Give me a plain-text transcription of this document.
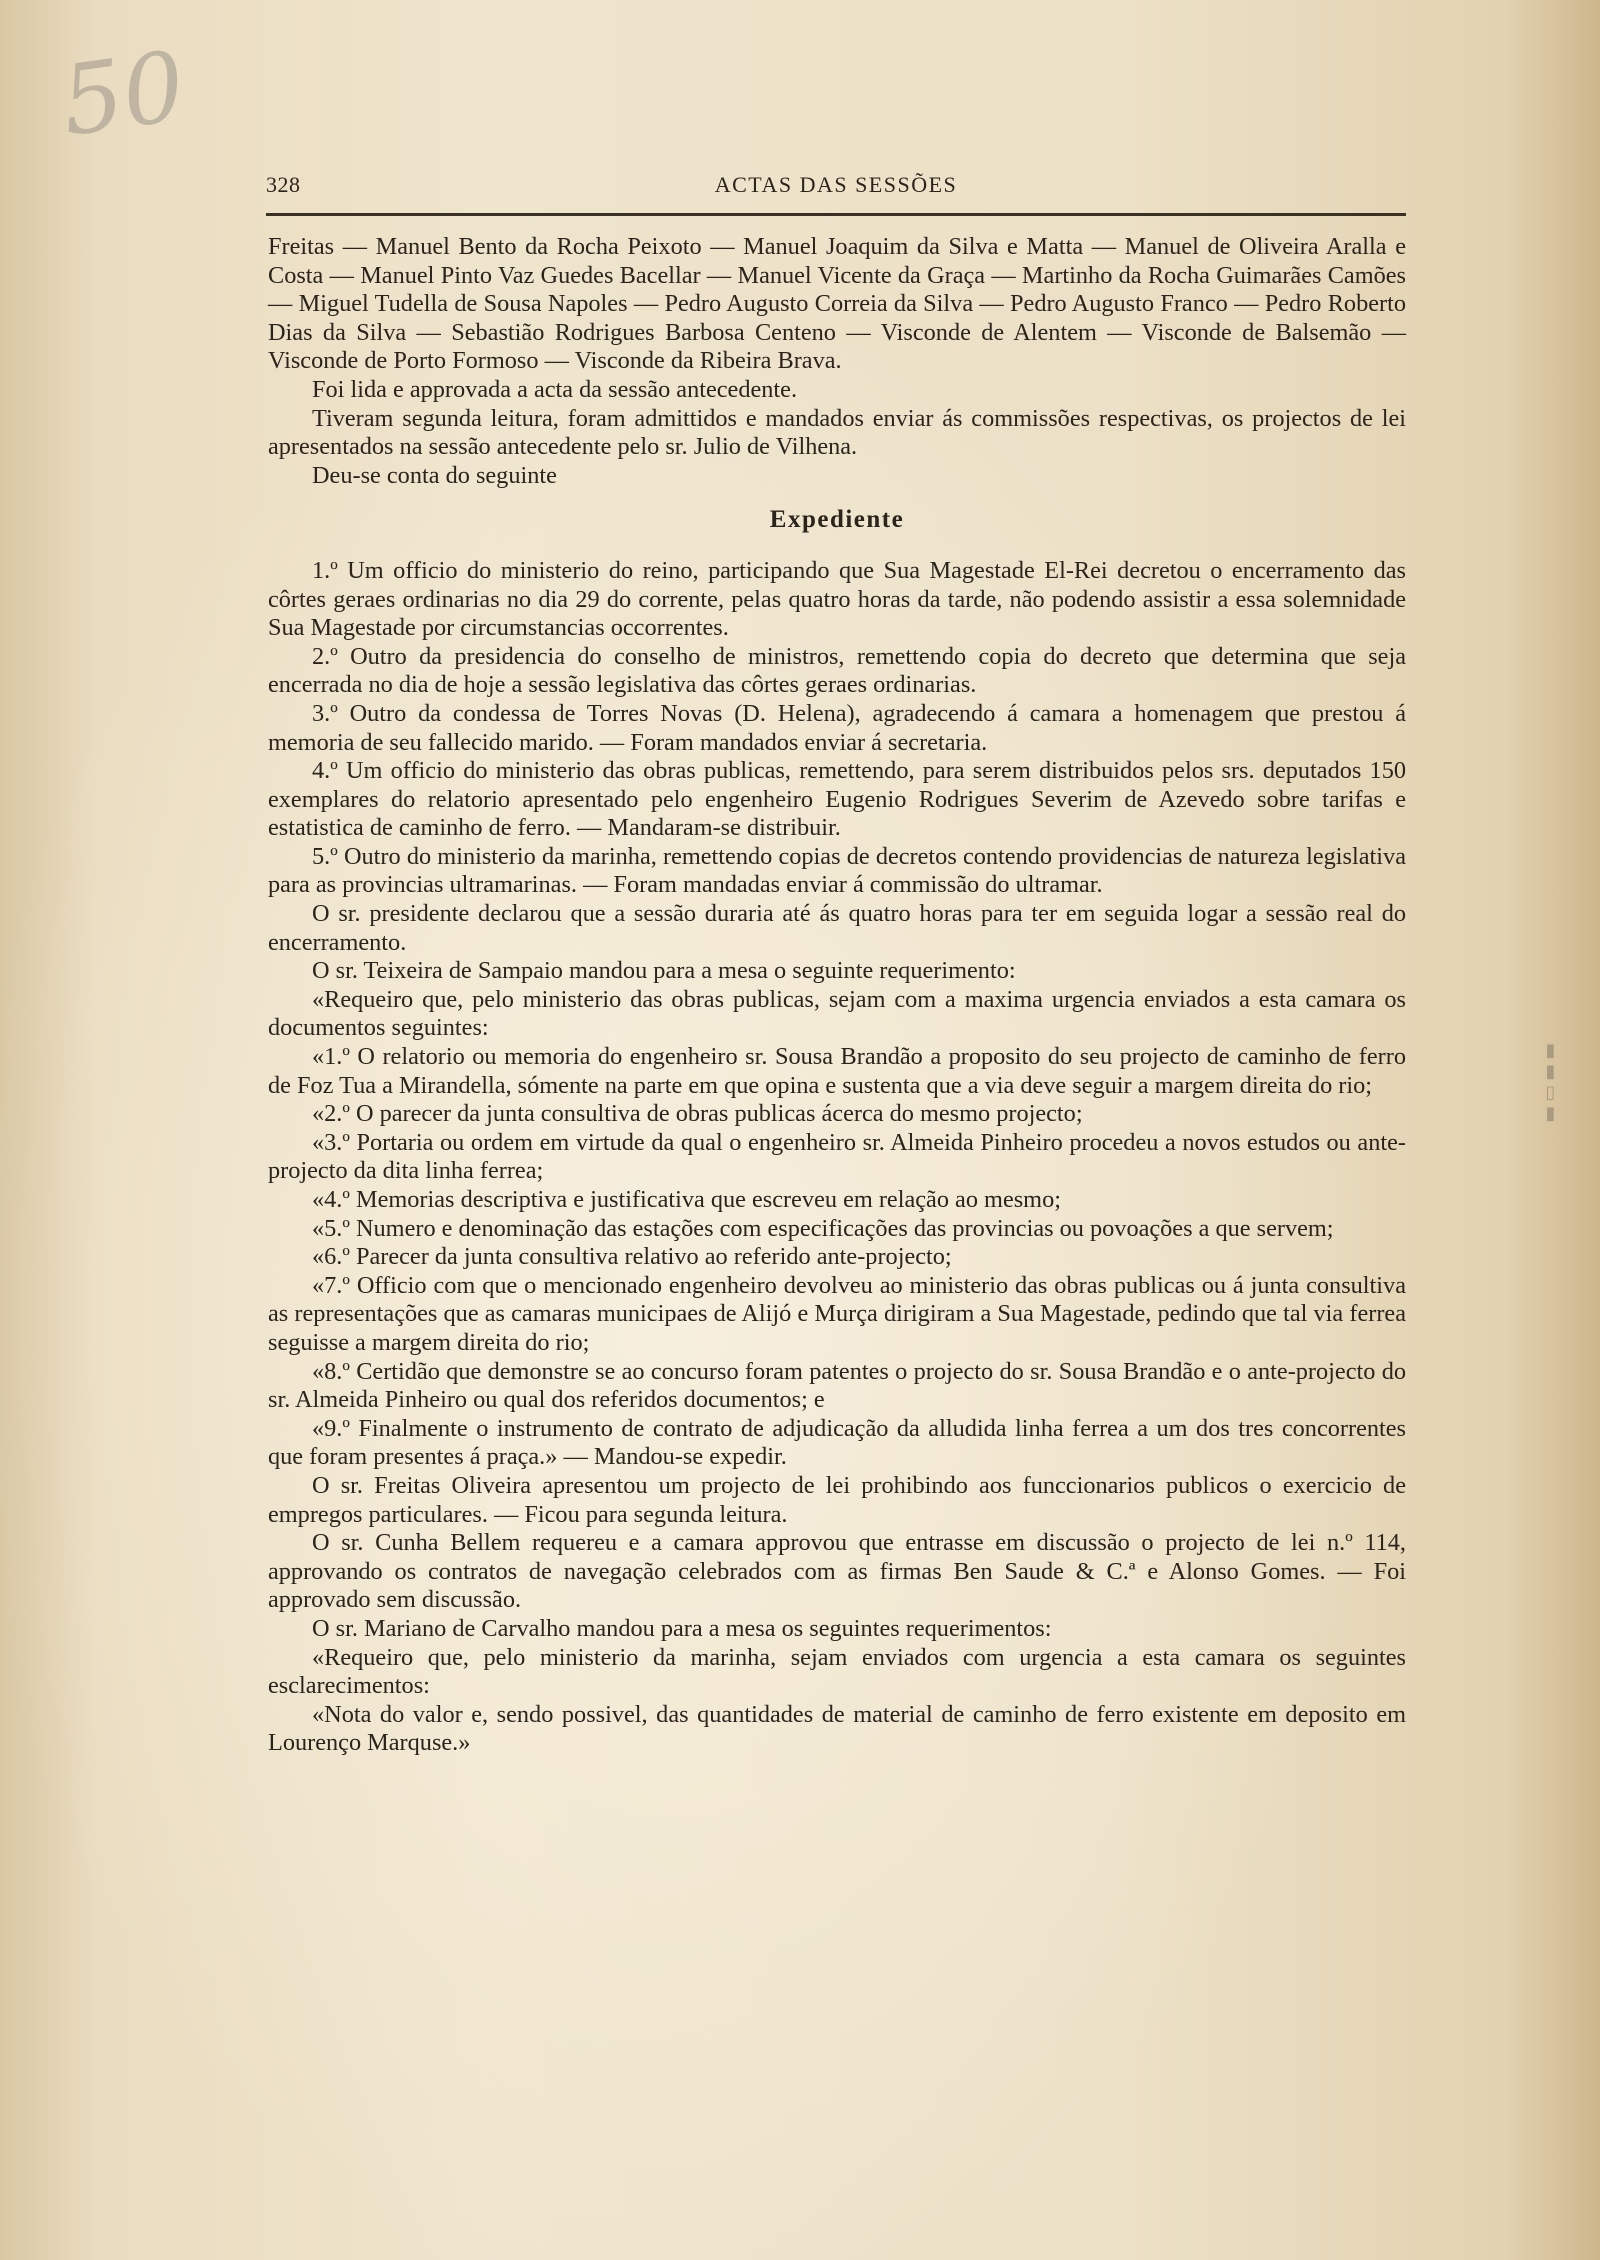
50
▮▮▯▮
328	ACTAS DAS SESSÕES

Freitas — Manuel Bento da Rocha Peixoto — Manuel Joaquim da Silva e Matta — Manuel de Oliveira Aralla e Costa — Manuel Pinto Vaz Guedes Bacellar — Manuel Vicente da Graça — Martinho da Rocha Guimarães Camões — Miguel Tudella de Sousa Napoles — Pedro Augusto Correia da Silva — Pedro Augusto Franco — Pedro Roberto Dias da Silva — Sebastião Rodrigues Barbosa Centeno — Visconde de Alentem — Visconde de Balsemão — Visconde de Porto Formoso — Visconde da Ribeira Brava.

Foi lida e approvada a acta da sessão antecedente.

Tiveram segunda leitura, foram admittidos e mandados enviar ás commissões respectivas, os projectos de lei apresentados na sessão antecedente pelo sr. Julio de Vilhena.

Deu-se conta do seguinte

Expediente

1.º Um officio do ministerio do reino, participando que Sua Magestade El-Rei decretou o encerramento das côrtes geraes ordinarias no dia 29 do corrente, pelas quatro horas da tarde, não podendo assistir a essa solemnidade Sua Magestade por circumstancias occorrentes.

2.º Outro da presidencia do conselho de ministros, remettendo copia do decreto que determina que seja encerrada no dia de hoje a sessão legislativa das côrtes geraes ordinarias.

3.º Outro da condessa de Torres Novas (D. Helena), agradecendo á camara a homenagem que prestou á memoria de seu fallecido marido. — Foram mandados enviar á secretaria.

4.º Um officio do ministerio das obras publicas, remettendo, para serem distribuidos pelos srs. deputados 150 exemplares do relatorio apresentado pelo engenheiro Eugenio Rodrigues Severim de Azevedo sobre tarifas e estatistica de caminho de ferro. — Mandaram-se distribuir.

5.º Outro do ministerio da marinha, remettendo copias de decretos contendo providencias de natureza legislativa para as provincias ultramarinas. — Foram mandadas enviar á commissão do ultramar.

O sr. presidente declarou que a sessão duraria até ás quatro horas para ter em seguida logar a sessão real do encerramento.

O sr. Teixeira de Sampaio mandou para a mesa o seguinte requerimento:

«Requeiro que, pelo ministerio das obras publicas, sejam com a maxima urgencia enviados a esta camara os documentos seguintes:

«1.º O relatorio ou memoria do engenheiro sr. Sousa Brandão a proposito do seu projecto de caminho de ferro de Foz Tua a Mirandella, sómente na parte em que opina e sustenta que a via deve seguir a margem direita do rio;

«2.º O parecer da junta consultiva de obras publicas ácerca do mesmo projecto;

«3.º Portaria ou ordem em virtude da qual o engenheiro sr. Almeida Pinheiro procedeu a novos estudos ou ante-projecto da dita linha ferrea;

«4.º Memorias descriptiva e justificativa que escreveu em relação ao mesmo;

«5.º Numero e denominação das estações com especificações das provincias ou povoações a que servem;

«6.º Parecer da junta consultiva relativo ao referido ante-projecto;

«7.º Officio com que o mencionado engenheiro devolveu ao ministerio das obras publicas ou á junta consultiva as representações que as camaras municipaes de Alijó e Murça dirigiram a Sua Magestade, pedindo que tal via ferrea seguisse a margem direita do rio;

«8.º Certidão que demonstre se ao concurso foram patentes o projecto do sr. Sousa Brandão e o ante-projecto do sr. Almeida Pinheiro ou qual dos referidos documentos; e

«9.º Finalmente o instrumento de contrato de adjudicação da alludida linha ferrea a um dos tres concorrentes que foram presentes á praça.» — Mandou-se expedir.

O sr. Freitas Oliveira apresentou um projecto de lei prohibindo aos funccionarios publicos o exercicio de empregos particulares. — Ficou para segunda leitura.

O sr. Cunha Bellem requereu e a camara approvou que entrasse em discussão o projecto de lei n.º 114, approvando os contratos de navegação celebrados com as firmas Ben Saude & C.ª e Alonso Gomes. — Foi approvado sem discussão.

O sr. Mariano de Carvalho mandou para a mesa os seguintes requerimentos:

«Requeiro que, pelo ministerio da marinha, sejam enviados com urgencia a esta camara os seguintes esclarecimentos:

«Nota do valor e, sendo possivel, das quantidades de material de caminho de ferro existente em deposito em Lourenço Marquse.»
